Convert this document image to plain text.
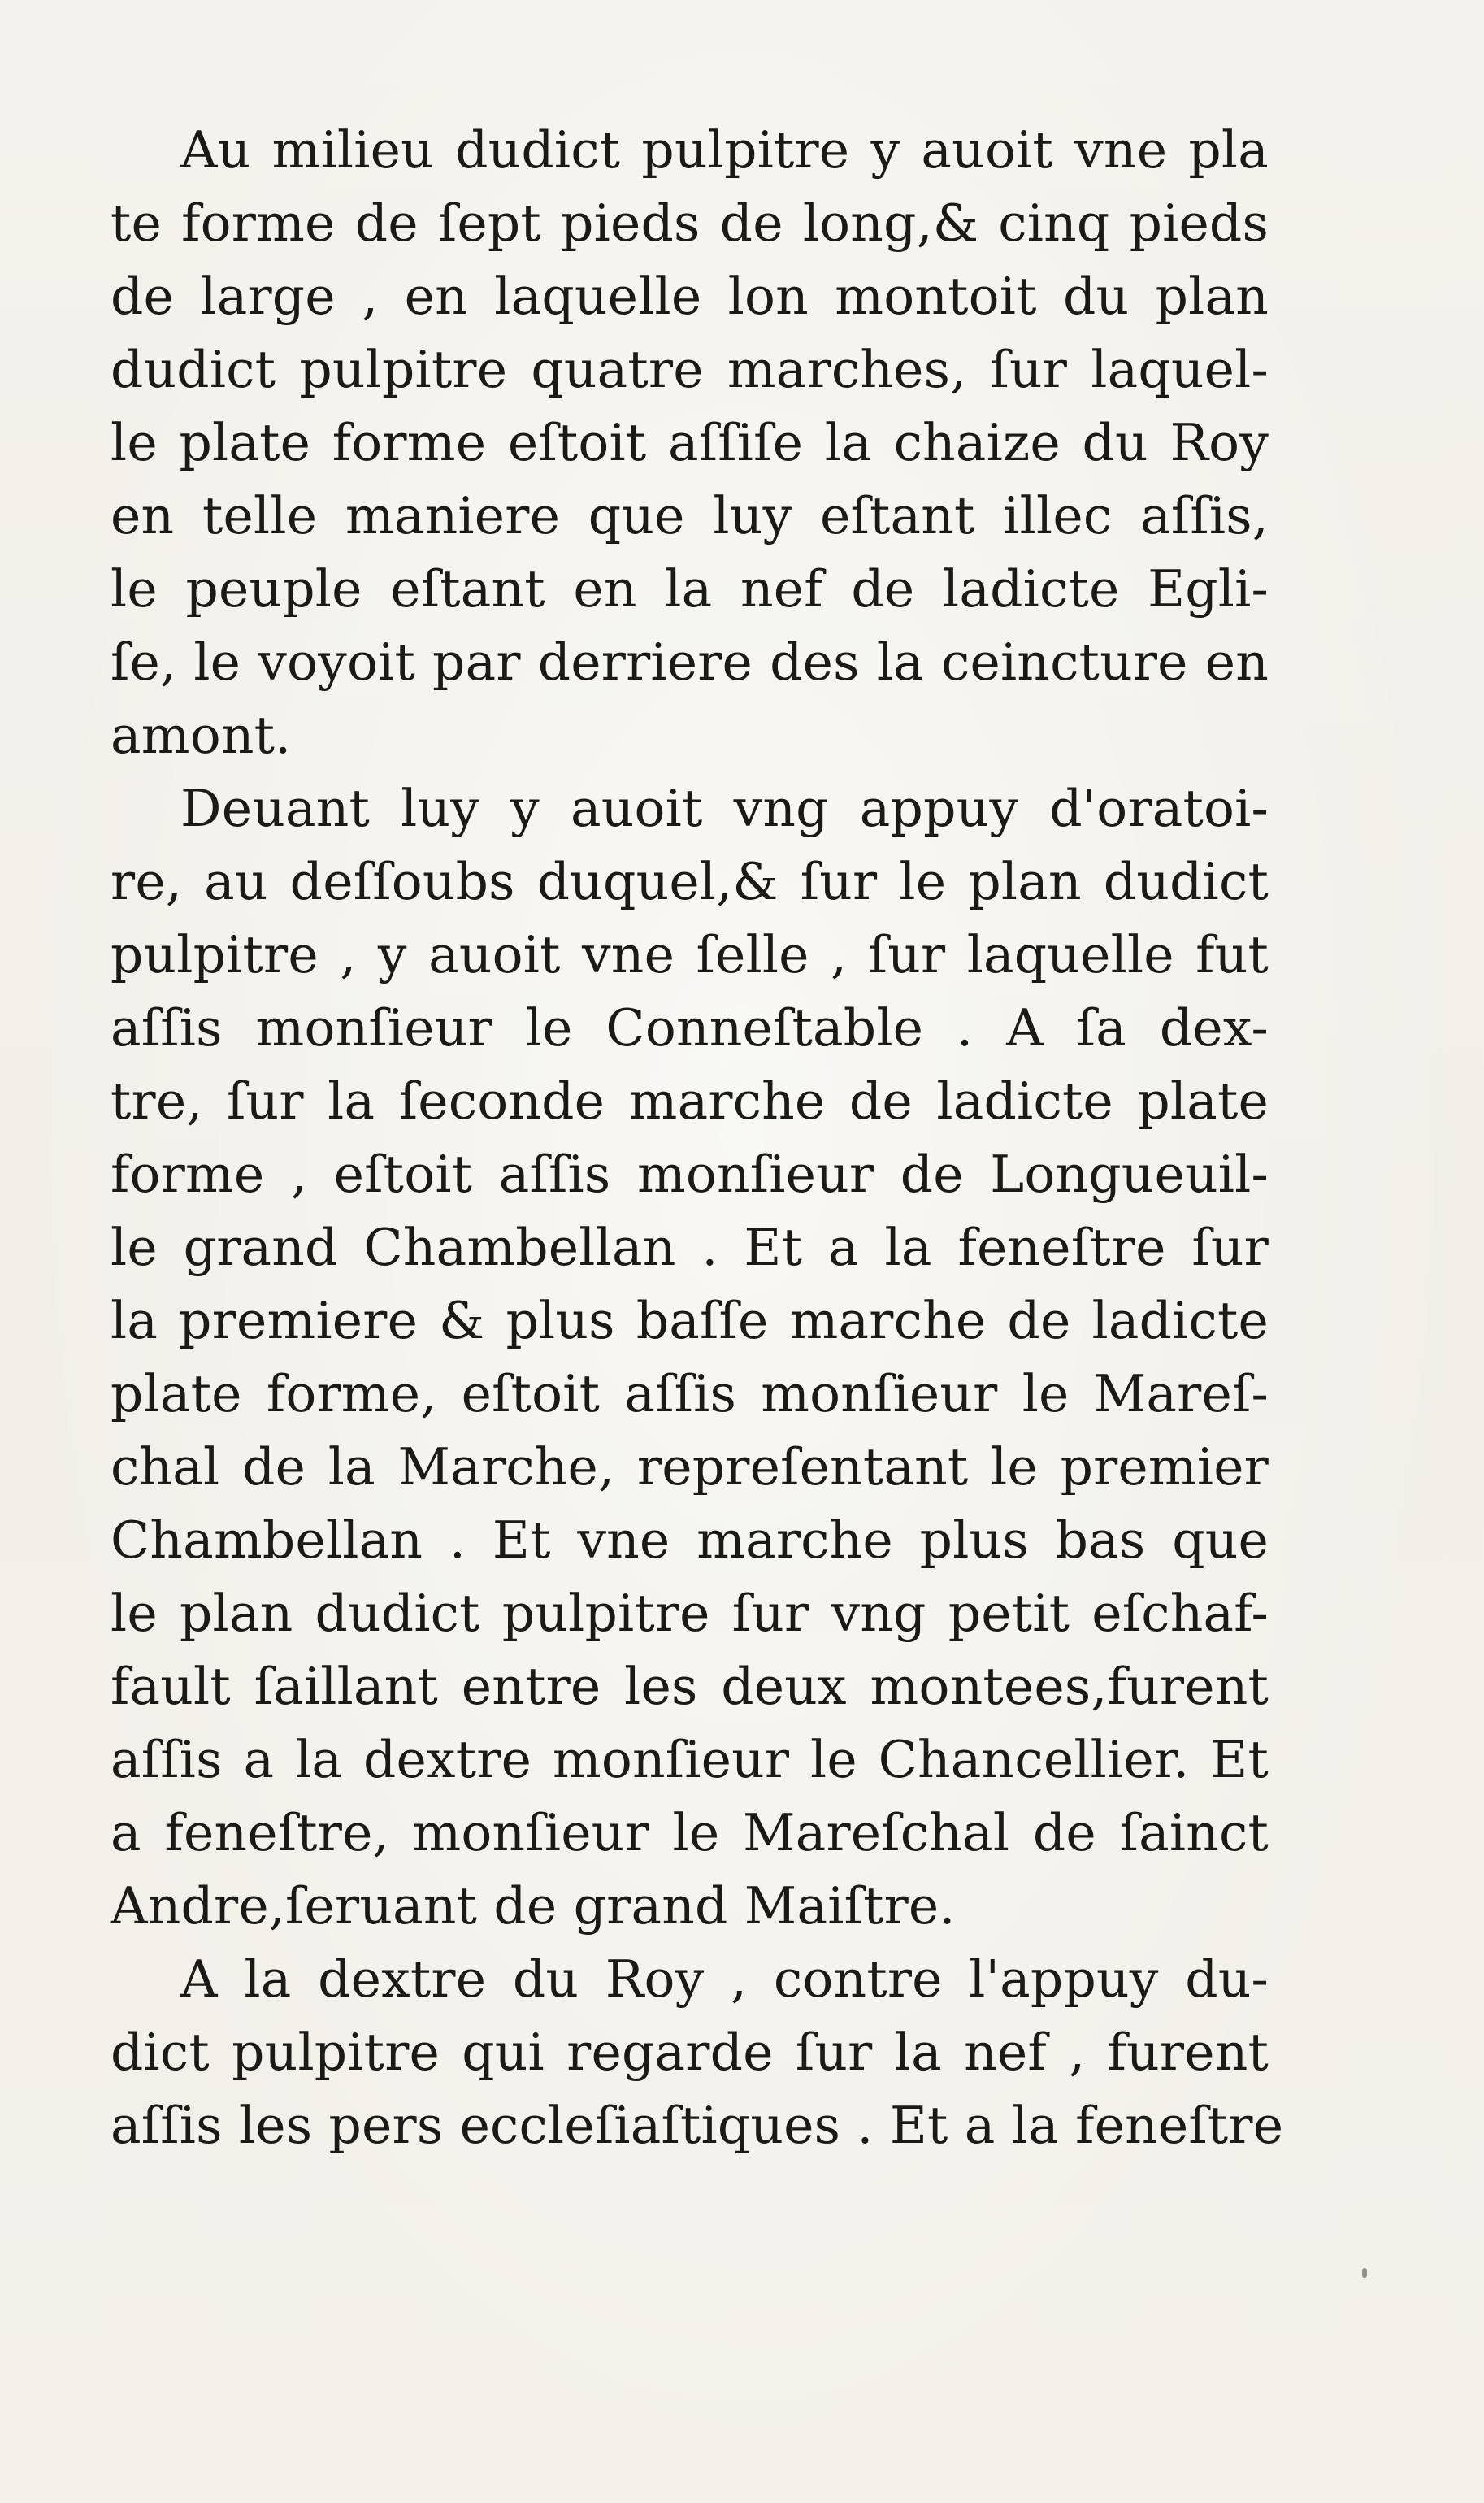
Au milieu dudict pulpitre y auoit vne pla
te forme de ſept pieds de long,& cinq pieds
de large , en laquelle lon montoit du plan
dudict pulpitre quatre marches, ſur laquel-
le plate forme eſtoit aſſiſe la chaize du Roy
en telle maniere que luy eſtant illec aſſis,
le peuple eſtant en la nef de ladicte Egli-
ſe, le voyoit par derriere des la ceincture en
amont.
Deuant luy y auoit vng appuy d'oratoi-
re, au deſſoubs duquel,& ſur le plan dudict
pulpitre , y auoit vne ſelle , ſur laquelle fut
aſſis monſieur le Conneſtable . A ſa dex-
tre, ſur la ſeconde marche de ladicte plate
forme , eſtoit aſſis monſieur de Longueuil-
le grand Chambellan . Et a la feneſtre ſur
la premiere & plus baſſe marche de ladicte
plate forme, eſtoit aſſis monſieur le Mareſ-
chal de la Marche, repreſentant le premier
Chambellan . Et vne marche plus bas que
le plan dudict pulpitre ſur vng petit eſchaf-
fault ſaillant entre les deux montees,furent
aſſis a la dextre monſieur le Chancellier. Et
a feneſtre, monſieur le Mareſchal de ſainct
Andre,ſeruant de grand Maiſtre.
A la dextre du Roy , contre l'appuy du-
dict pulpitre qui regarde ſur la nef , furent
aſſis les pers eccleſiaſtiques . Et a la feneſtre
